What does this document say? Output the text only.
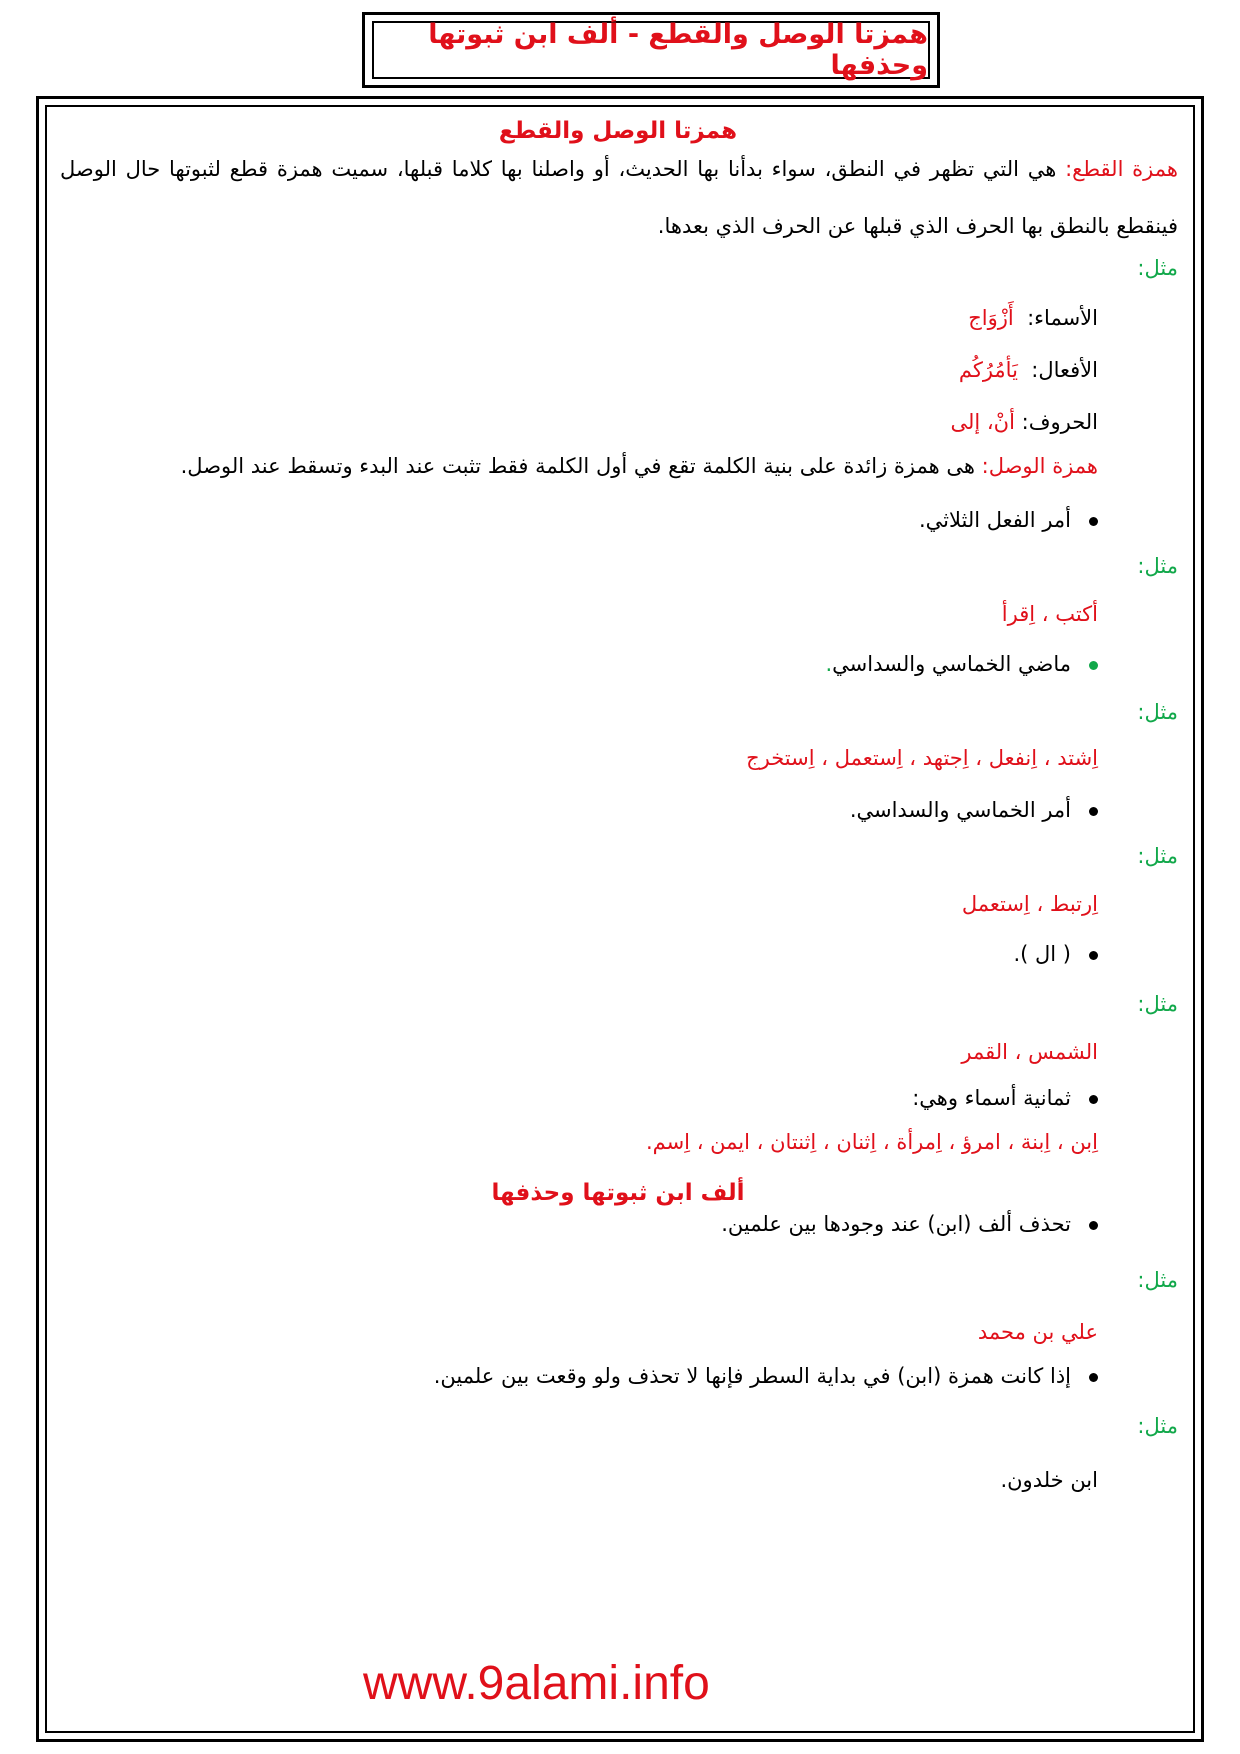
همزتا الوصل والقطع - ألف ابن ثبوتها وحذفها
همزتا الوصل والقطع
همزة القطع: هي التي تظهر في النطق، سواء بدأنا بها الحديث، أو واصلنا بها كلاما قبلها، سميت همزة قطع لثبوتها حال الوصل فينقطع بالنطق بها الحرف الذي قبلها عن الحرف الذي بعدها.
مثل:
الأسماء:  أَزْوَاج
الأفعال:  يَأمُرُكُم
الحروف: أنْ، إلى
همزة الوصل: هى همزة زائدة على بنية الكلمة تقع في أول الكلمة فقط تثبت عند البدء وتسقط عند الوصل.
أمر الفعل الثلاثي.
مثل:
أكتب ، اِقرأ
ماضي الخماسي والسداسي.
مثل:
اِشتد ، اِنفعل ، اِجتهد ، اِستعمل ، اِستخرج
أمر الخماسي والسداسي.
مثل:
اِرتبط ، اِستعمل
( ال ).
مثل:
الشمس ، القمر
ثمانية أسماء وهي:
اِبن ، اِبنة ، امرؤ ، اِمرأة ، اِثنان ، اِثنتان ، ايمن ، اِسم.
ألف ابن ثبوتها وحذفها
تحذف ألف (ابن) عند وجودها بين علمين.
مثل:
علي بن محمد
إذا كانت همزة (ابن) في بداية السطر فإنها لا تحذف ولو وقعت بين علمين.
مثل:
ابن خلدون.
www.9alami.info
